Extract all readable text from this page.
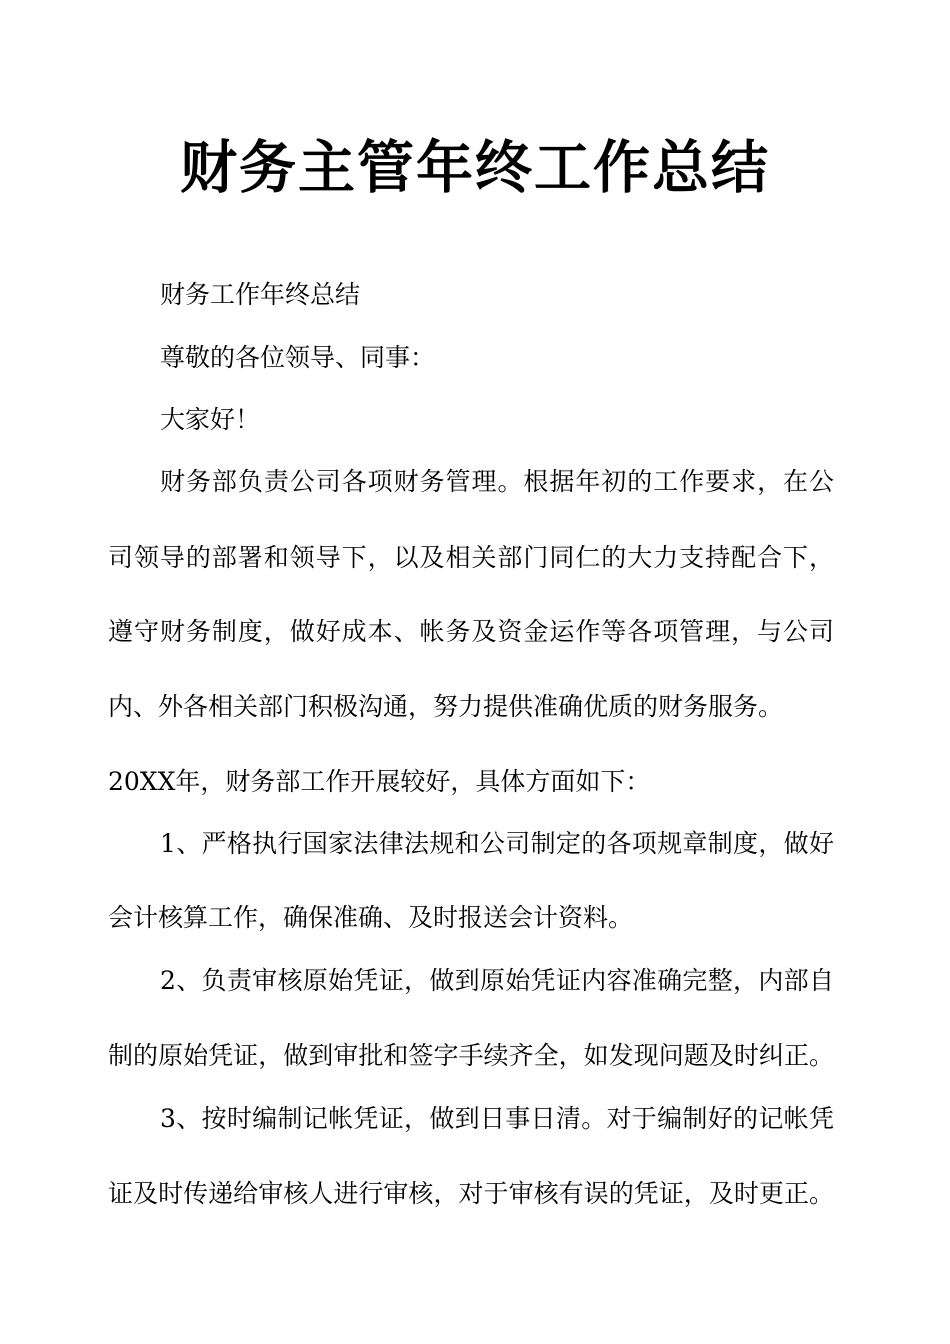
财务主管年终工作总结

财务工作年终总结

尊敬的各位领导、同事：

大家好！

财务部负责公司各项财务管理。根据年初的工作要求，在公

司领导的部署和领导下，以及相关部门同仁的大力支持配合下，

遵守财务制度，做好成本、帐务及资金运作等各项管理，与公司

内、外各相关部门积极沟通，努力提供准确优质的财务服务。

20XX年，财务部工作开展较好，具体方面如下：

1、严格执行国家法律法规和公司制定的各项规章制度，做好

会计核算工作，确保准确、及时报送会计资料。

2、负责审核原始凭证，做到原始凭证内容准确完整，内部自

制的原始凭证，做到审批和签字手续齐全，如发现问题及时纠正。

3、按时编制记帐凭证，做到日事日清。对于编制好的记帐凭

证及时传递给审核人进行审核，对于审核有误的凭证，及时更正。
